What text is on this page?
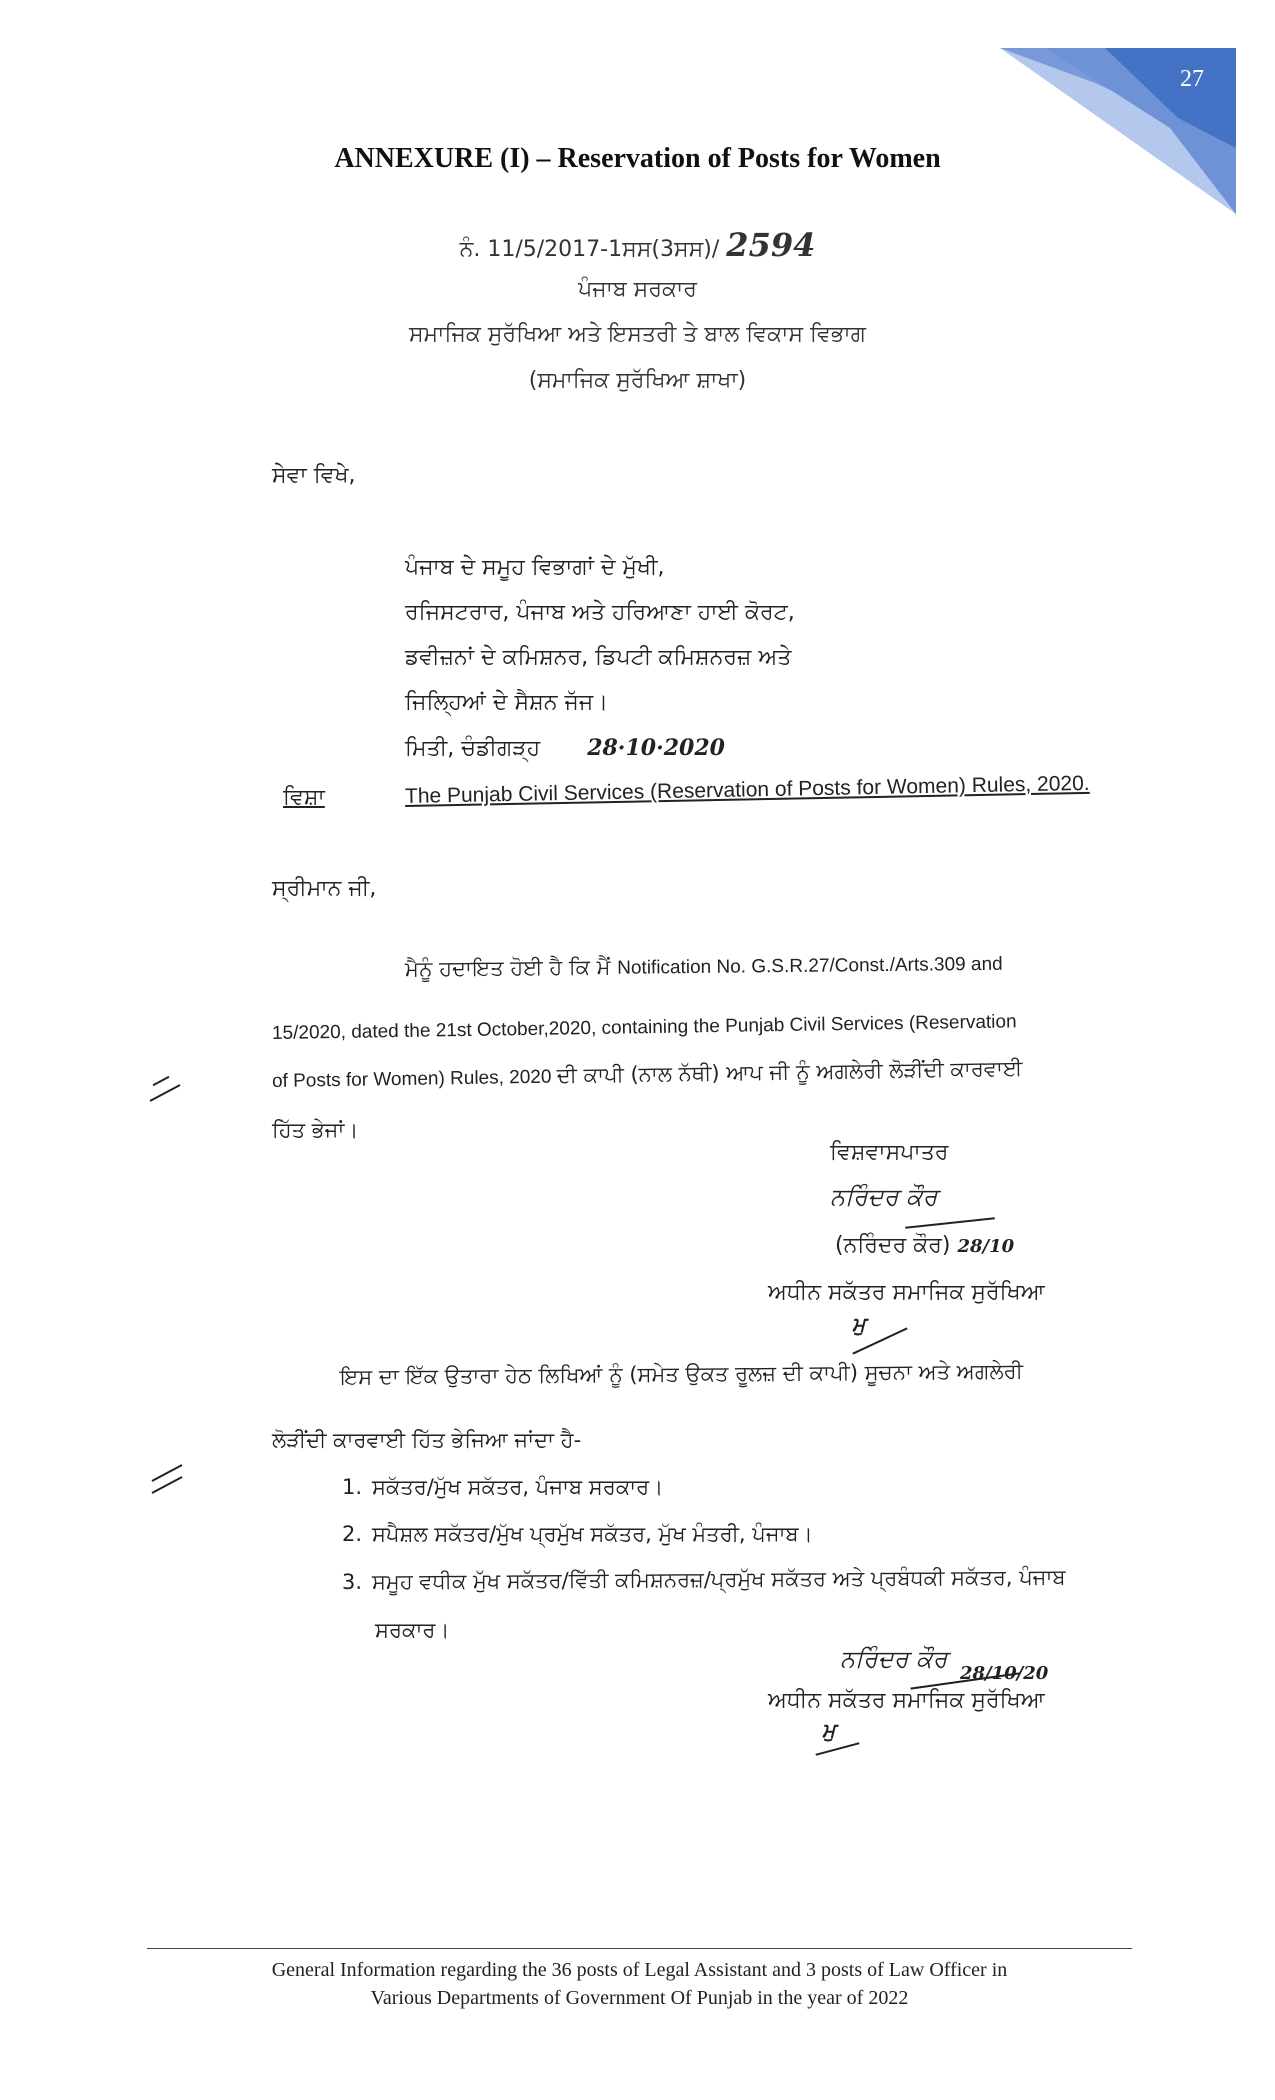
27
ANNEXURE (I) – Reservation of Posts for Women
ਨੰ. 11/5/2017-1ਸਸ(3ਸਸ)/ 2594
ਪੰਜਾਬ ਸਰਕਾਰ
ਸਮਾਜਿਕ ਸੁਰੱਖਿਆ ਅਤੇ ਇਸਤਰੀ ਤੇ ਬਾਲ ਵਿਕਾਸ ਵਿਭਾਗ
(ਸਮਾਜਿਕ ਸੁਰੱਖਿਆ ਸ਼ਾਖਾ)
ਸੇਵਾ ਵਿਖੇ,
ਪੰਜਾਬ ਦੇ ਸਮੂਹ ਵਿਭਾਗਾਂ ਦੇ ਮੁੱਖੀ,
ਰਜਿਸਟਰਾਰ, ਪੰਜਾਬ ਅਤੇ ਹਰਿਆਣਾ ਹਾਈ ਕੋਰਟ,
ਡਵੀਜ਼ਨਾਂ ਦੇ ਕਮਿਸ਼ਨਰ, ਡਿਪਟੀ ਕਮਿਸ਼ਨਰਜ਼ ਅਤੇ
ਜਿਲ੍ਹਿਆਂ ਦੇ ਸੈਸ਼ਨ ਜੱਜ।
ਮਿਤੀ, ਚੰਡੀਗੜ੍ਹ 28·10·2020
ਵਿਸ਼ਾ	The Punjab Civil Services (Reservation of Posts for Women) Rules, 2020.
ਸ੍ਰੀਮਾਨ ਜੀ,
ਮੈਨੂੰ ਹਦਾਇਤ ਹੋਈ ਹੈ ਕਿ ਮੈਂ Notification No. G.S.R.27/Const./Arts.309 and
15/2020, dated the 21st October,2020, containing the Punjab Civil Services (Reservation
of Posts for Women) Rules, 2020 ਦੀ ਕਾਪੀ (ਨਾਲ ਨੱਥੀ) ਆਪ ਜੀ ਨੂੰ ਅਗਲੇਰੀ ਲੋੜੀਂਦੀ ਕਾਰਵਾਈ
ਹਿੱਤ ਭੇਜਾਂ।
ਵਿਸ਼ਵਾਸਪਾਤਰ
ਨਰਿੰਦਰ ਕੌਰ
(ਨਰਿੰਦਰ ਕੌਰ) 28/10
ਅਧੀਨ ਸਕੱਤਰ ਸਮਾਜਿਕ ਸੁਰੱਖਿਆ
ਮੁ
ਇਸ ਦਾ ਇੱਕ ਉਤਾਰਾ ਹੇਠ ਲਿਖਿਆਂ ਨੂੰ (ਸਮੇਤ ਉਕਤ ਰੂਲਜ਼ ਦੀ ਕਾਪੀ) ਸੂਚਨਾ ਅਤੇ ਅਗਲੇਰੀ
ਲੋੜੀਂਦੀ ਕਾਰਵਾਈ ਹਿੱਤ ਭੇਜਿਆ ਜਾਂਦਾ ਹੈ-
1. ਸਕੱਤਰ/ਮੁੱਖ ਸਕੱਤਰ, ਪੰਜਾਬ ਸਰਕਾਰ।
2. ਸਪੈਸ਼ਲ ਸਕੱਤਰ/ਮੁੱਖ ਪ੍ਰਮੁੱਖ ਸਕੱਤਰ, ਮੁੱਖ ਮੰਤਰੀ, ਪੰਜਾਬ।
3. ਸਮੂਹ ਵਧੀਕ ਮੁੱਖ ਸਕੱਤਰ/ਵਿੱਤੀ ਕਮਿਸ਼ਨਰਜ਼/ਪ੍ਰਮੁੱਖ ਸਕੱਤਰ ਅਤੇ ਪ੍ਰਬੰਧਕੀ ਸਕੱਤਰ, ਪੰਜਾਬ
ਸਰਕਾਰ।
ਨਰਿੰਦਰ ਕੌਰ
28/10/20
ਅਧੀਨ ਸਕੱਤਰ ਸਮਾਜਿਕ ਸੁਰੱਖਿਆ
ਮੁ
General Information regarding the 36 posts of Legal Assistant and 3 posts of Law Officer in
Various Departments of Government Of Punjab in the year of 2022
